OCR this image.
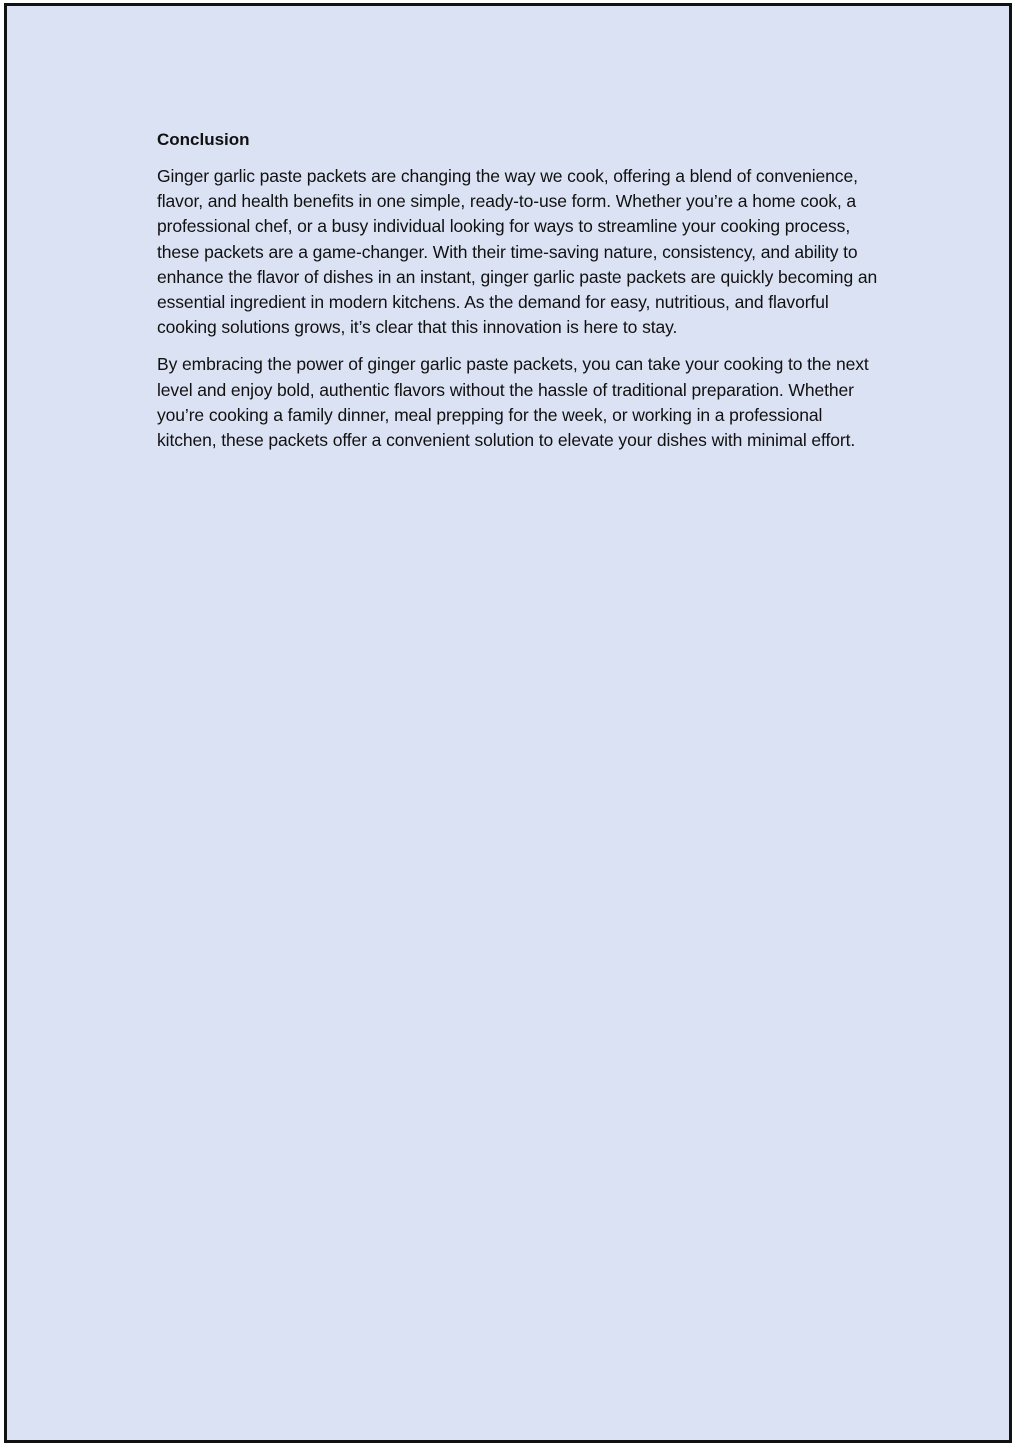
Conclusion

Ginger garlic paste packets are changing the way we cook, offering a blend of convenience, flavor, and health benefits in one simple, ready-to-use form. Whether you’re a home cook, a professional chef, or a busy individual looking for ways to streamline your cooking process, these packets are a game-changer. With their time-saving nature, consistency, and ability to enhance the flavor of dishes in an instant, ginger garlic paste packets are quickly becoming an essential ingredient in modern kitchens. As the demand for easy, nutritious, and flavorful cooking solutions grows, it’s clear that this innovation is here to stay.

By embracing the power of ginger garlic paste packets, you can take your cooking to the next level and enjoy bold, authentic flavors without the hassle of traditional preparation. Whether you’re cooking a family dinner, meal prepping for the week, or working in a professional kitchen, these packets offer a convenient solution to elevate your dishes with minimal effort.
